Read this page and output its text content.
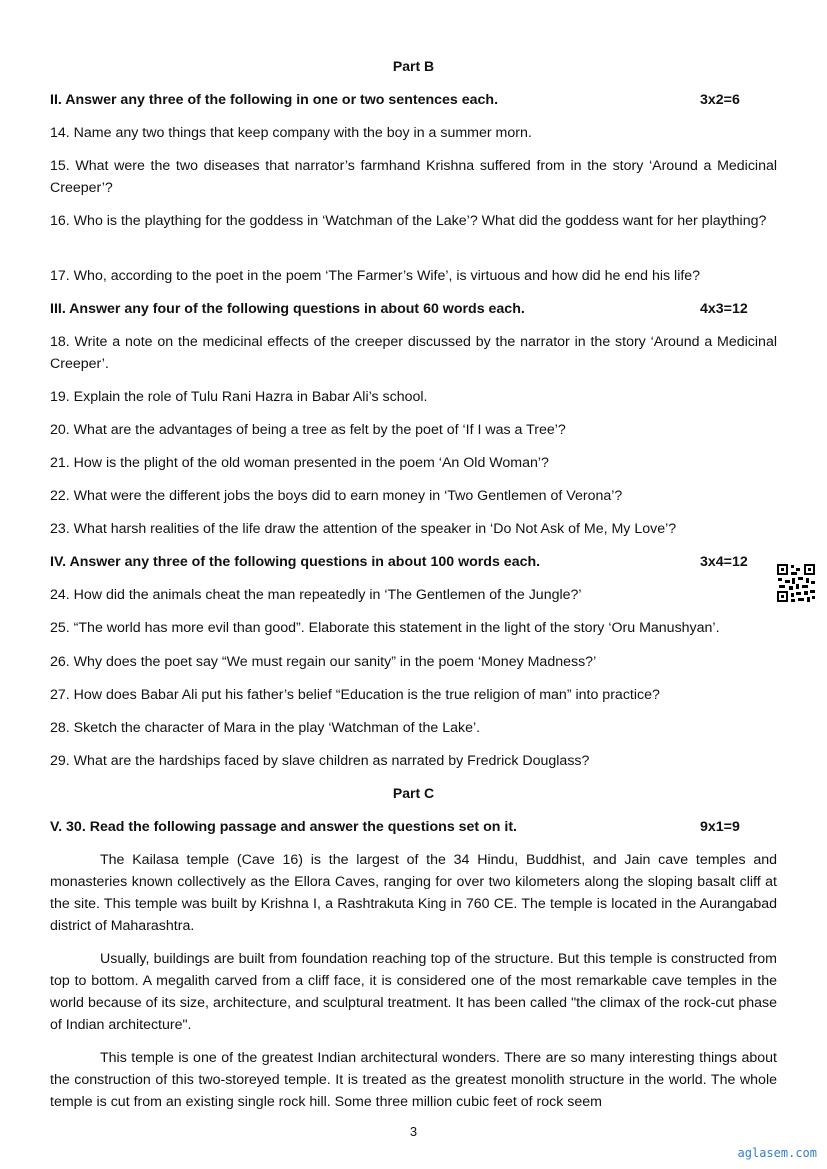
Part B
II. Answer any three of the following in one or two sentences each.	3x2=6
14. Name any two things that keep company with the boy in a summer morn.
15. What were the two diseases that narrator’s farmhand Krishna suffered from in the story ‘Around a Medicinal Creeper’?
16. Who is the plaything for the goddess in ‘Watchman of the Lake’? What did the goddess want for her plaything?
17. Who, according to the poet in the poem ‘The Farmer’s Wife’, is virtuous and how did he end his life?
III. Answer any four of the following questions in about 60 words each.	4x3=12
18. Write a note on the medicinal effects of the creeper discussed by the narrator in the story ‘Around a Medicinal Creeper’.
19. Explain the role of Tulu Rani Hazra in Babar Ali’s school.
20. What are the advantages of being a tree as felt by the poet of ‘If I was a Tree’?
21. How is the plight of the old woman presented in the poem ‘An Old Woman’?
22. What were the different jobs the boys did to earn money in ‘Two Gentlemen of Verona’?
23. What harsh realities of the life draw the attention of the speaker in ‘Do Not Ask of Me, My Love’?
IV. Answer any three of the following questions in about 100 words each.	3x4=12
24. How did the animals cheat the man repeatedly in ‘The Gentlemen of the Jungle?’
25. “The world has more evil than good”. Elaborate this statement in the light of the story ‘Oru Manushyan’.
26. Why does the poet say “We must regain our sanity” in the poem ‘Money Madness?’
27. How does Babar Ali put his father’s belief “Education is the true religion of man” into practice?
28. Sketch the character of Mara in the play ‘Watchman of the Lake’.
29. What are the hardships faced by slave children as narrated by Fredrick Douglass?
Part C
V. 30. Read the following passage and answer the questions set on it.	9x1=9
The Kailasa temple (Cave 16) is the largest of the 34 Hindu, Buddhist, and Jain cave temples and monasteries known collectively as the Ellora Caves, ranging for over two kilometers along the sloping basalt cliff at the site. This temple was built by Krishna I, a Rashtrakuta King in 760 CE. The temple is located in the Aurangabad district of Maharashtra.
Usually, buildings are built from foundation reaching top of the structure. But this temple is constructed from top to bottom. A megalith carved from a cliff face, it is considered one of the most remarkable cave temples in the world because of its size, architecture, and sculptural treatment. It has been called "the climax of the rock-cut phase of Indian architecture".
This temple is one of the greatest Indian architectural wonders. There are so many interesting things about the construction of this two-storeyed temple. It is treated as the greatest monolith structure in the world. The whole temple is cut from an existing single rock hill. Some three million cubic feet of rock seem
3
aglasem.com
